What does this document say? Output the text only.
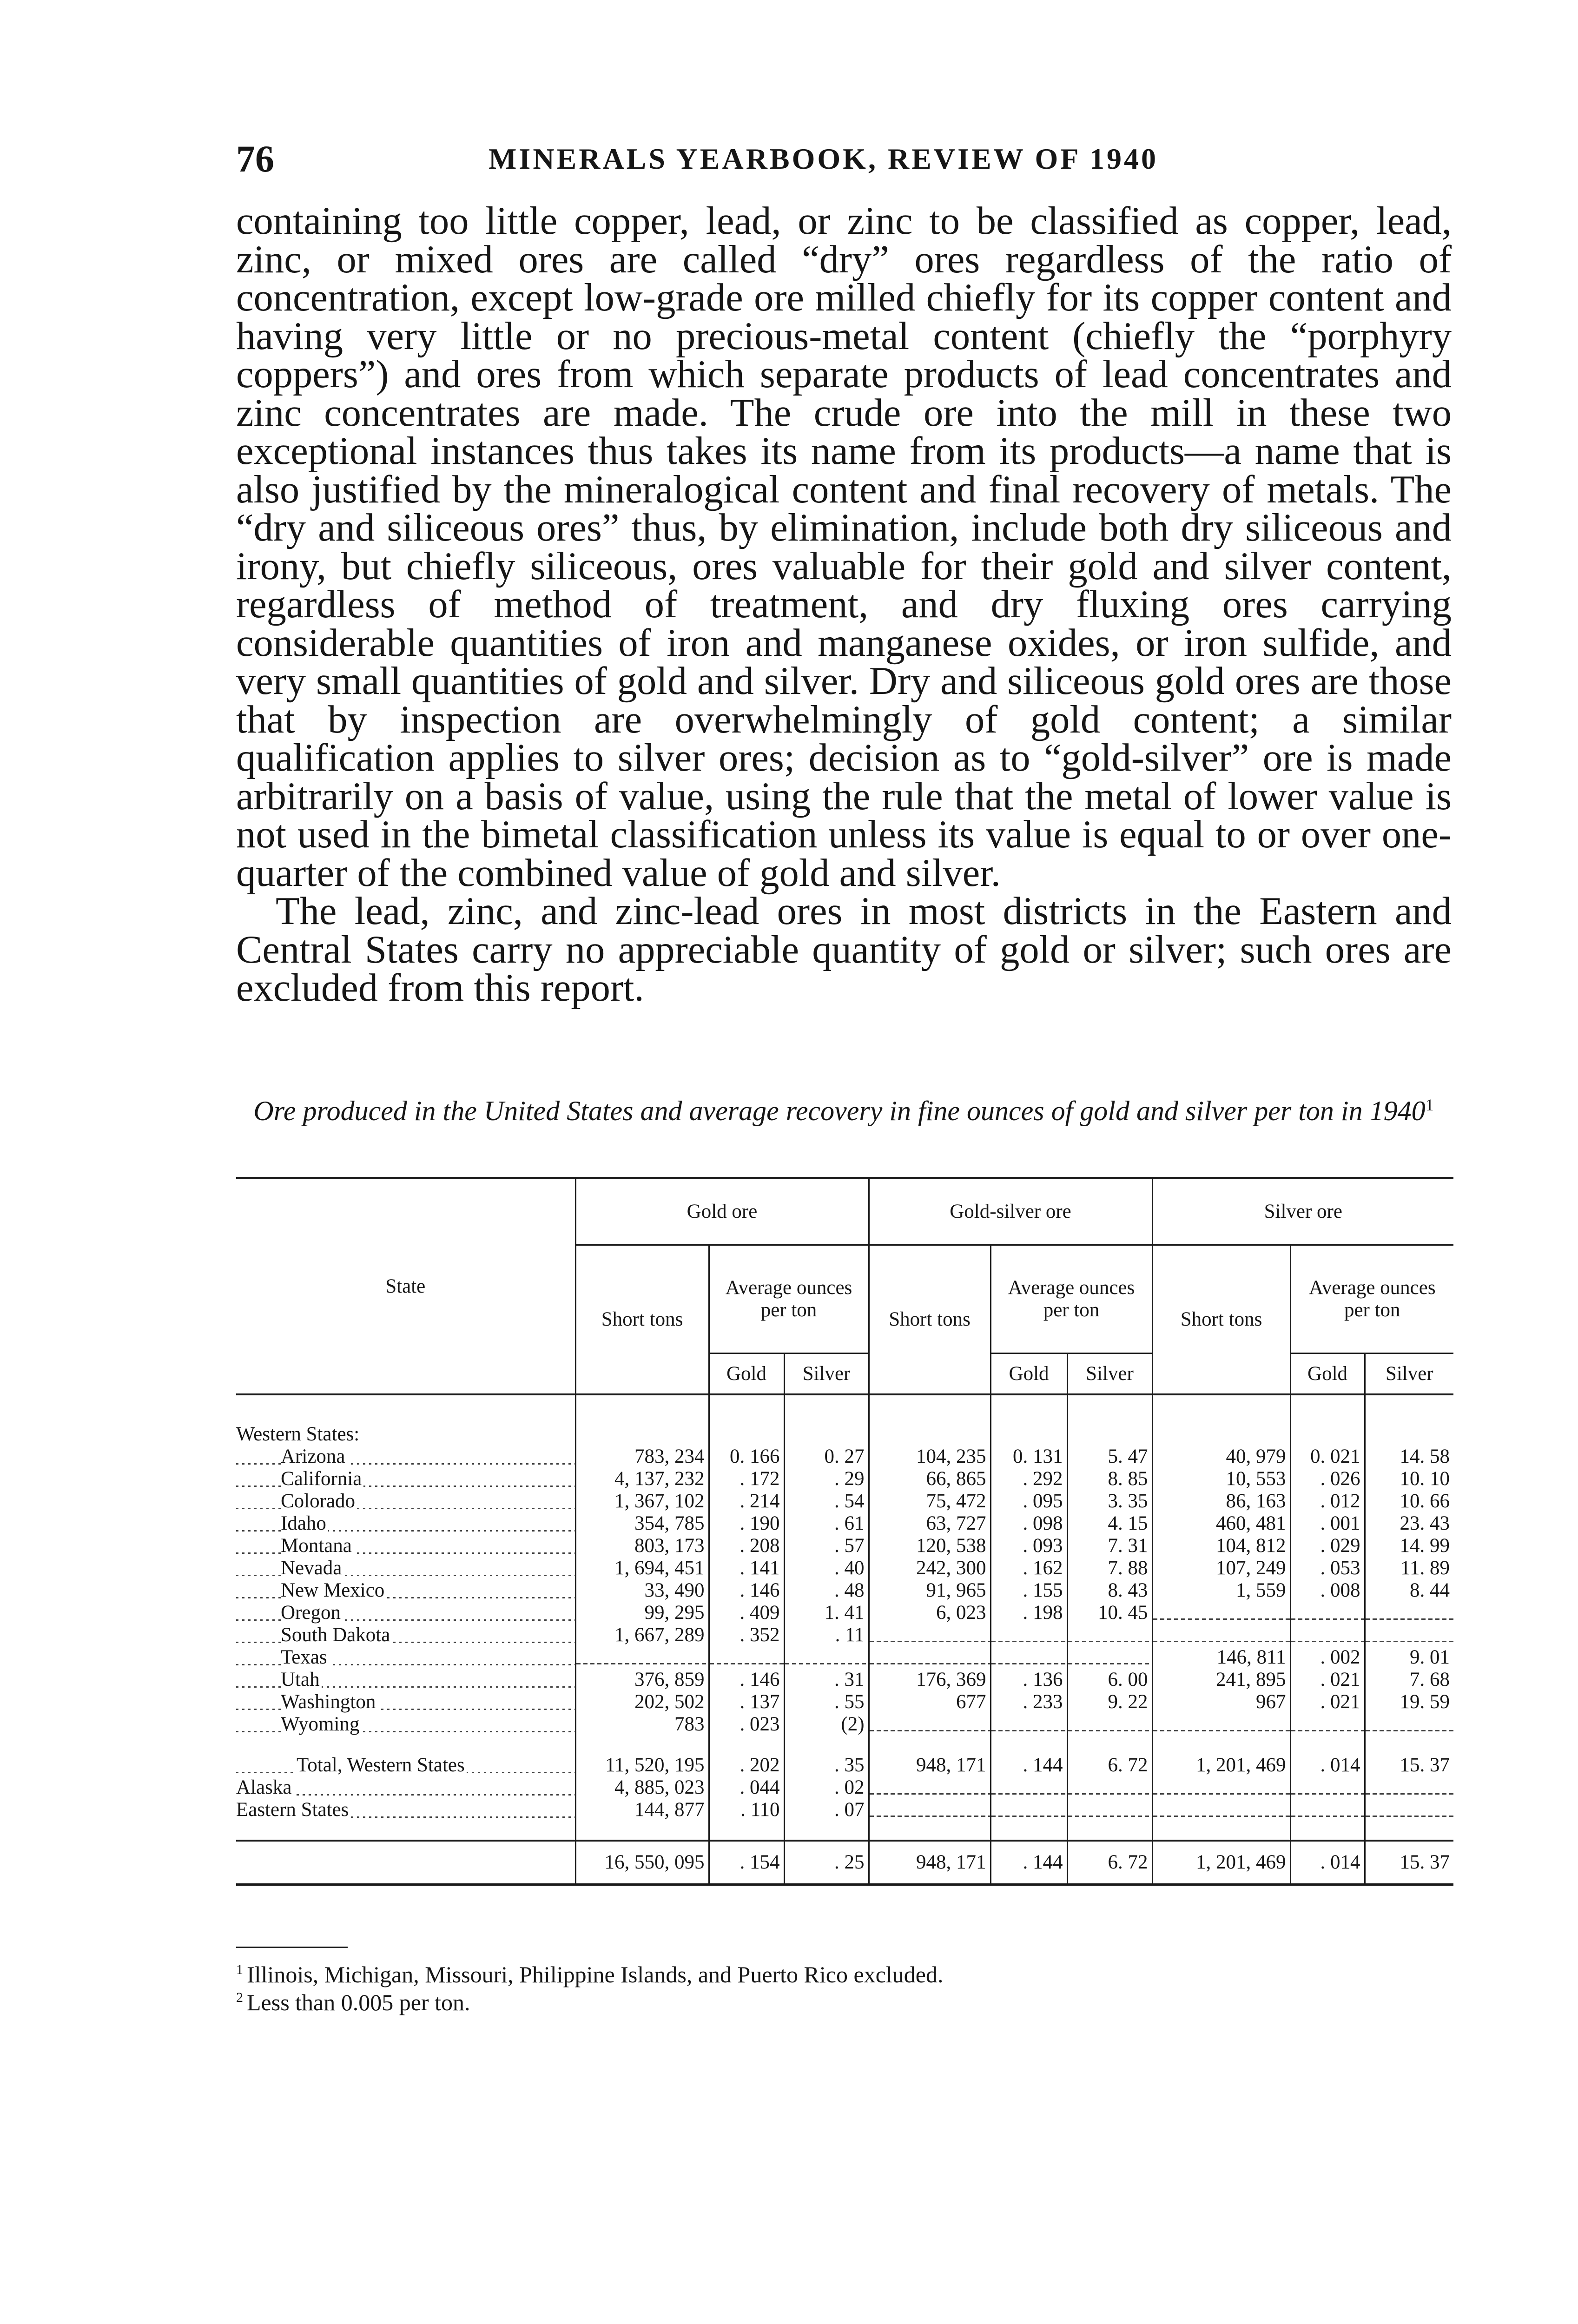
76	MINERALS YEARBOOK, REVIEW OF 1940

containing too little copper, lead, or zinc to be classified as copper, lead, zinc, or mixed ores are called “dry” ores regardless of the ratio of concentration, except low-grade ore milled chiefly for its copper content and having very little or no precious-metal content (chiefly the “porphyry coppers”) and ores from which separate products of lead concentrates and zinc concentrates are made. The crude ore into the mill in these two exceptional instances thus takes its name from its products—a name that is also justified by the mineralogical content and final recovery of metals. The “dry and siliceous ores” thus, by elimination, include both dry siliceous and irony, but chiefly siliceous, ores valuable for their gold and silver content, regardless of method of treatment, and dry fluxing ores carrying considerable quantities of iron and manganese oxides, or iron sulfide, and very small quantities of gold and silver. Dry and siliceous gold ores are those that by inspection are overwhelmingly of gold content; a similar qualification applies to silver ores; decision as to “gold-silver” ore is made arbitrarily on a basis of value, using the rule that the metal of lower value is not used in the bimetal classification unless its value is equal to or over one-quarter of the combined value of gold and silver.

The lead, zinc, and zinc-lead ores in most districts in the Eastern and Central States carry no appreciable quantity of gold or silver; such ores are excluded from this report.

Ore produced in the United States and average recovery in fine ounces of gold and silver per ton in 1940$^1$
State	Gold ore			Gold-silver ore			Silver ore		
	Short tons	Average ounces per ton		Short tons	Average ounces per ton		Short tons	Average ounces per ton	
		Gold	Silver		Gold	Silver		Gold	Silver

Western States:									
Arizona	783, 234	0. 166	0. 27	104, 235	0. 131	5. 47	40, 979	0. 021	14. 58
California	4, 137, 232	. 172	. 29	66, 865	. 292	8. 85	10, 553	. 026	10. 10
Colorado	1, 367, 102	. 214	. 54	75, 472	. 095	3. 35	86, 163	. 012	10. 66
Idaho	354, 785	. 190	. 61	63, 727	. 098	4. 15	460, 481	. 001	23. 43
Montana	803, 173	. 208	. 57	120, 538	. 093	7. 31	104, 812	. 029	14. 99
Nevada	1, 694, 451	. 141	. 40	242, 300	. 162	7. 88	107, 249	. 053	11. 89
New Mexico	33, 490	. 146	. 48	91, 965	. 155	8. 43	1, 559	. 008	8. 44
Oregon	99, 295	. 409	1. 41	6, 023	. 198	10. 45			
South Dakota	1, 667, 289	. 352	. 11						
Texas							146, 811	. 002	9. 01
Utah	376, 859	. 146	. 31	176, 369	. 136	6. 00	241, 895	. 021	7. 68
Washington	202, 502	. 137	. 55	677	. 233	9. 22	967	. 021	19. 59
Wyoming	783	. 023	(2)						

Total, Western States	11, 520, 195	. 202	. 35	948, 171	. 144	6. 72	1, 201, 469	. 014	15. 37
Alaska	4, 885, 023	. 044	. 02						
Eastern States	144, 877	. 110	. 07						

	16, 550, 095	. 154	. 25	948, 171	. 144	6. 72	1, 201, 469	. 014	15. 37
$^1$ Illinois, Michigan, Missouri, Philippine Islands, and Puerto Rico excluded.
$^2$ Less than 0.005 per ton.
